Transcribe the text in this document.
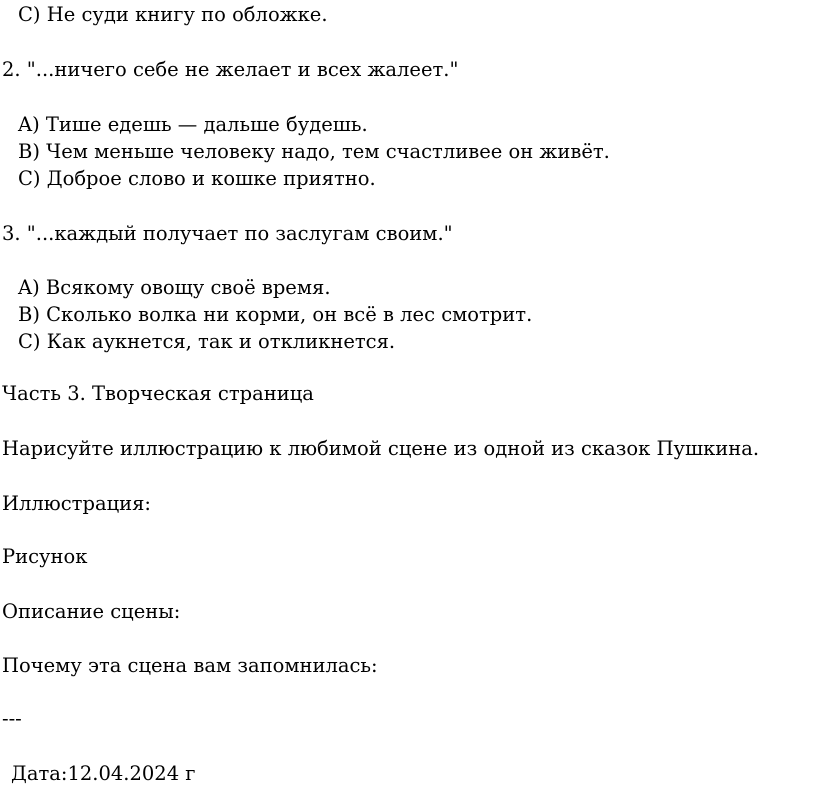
C) Не суди книгу по обложке.
2. "...ничего себе не желает и всех жалеет."
A) Тише едешь — дальше будешь.
B) Чем меньше человеку надо, тем счастливее он живёт.
C) Доброе слово и кошке приятно.
3. "...каждый получает по заслугам своим."
A) Всякому овощу своё время.
B) Сколько волка ни корми, он всё в лес смотрит.
C) Как аукнется, так и откликнется.
Часть 3. Творческая страница
Нарисуйте иллюстрацию к любимой сцене из одной из сказок Пушкина.
Иллюстрация:
Рисунок
Описание сцены:
Почему эта сцена вам запомнилась:
---
Дата:12.04.2024 г
